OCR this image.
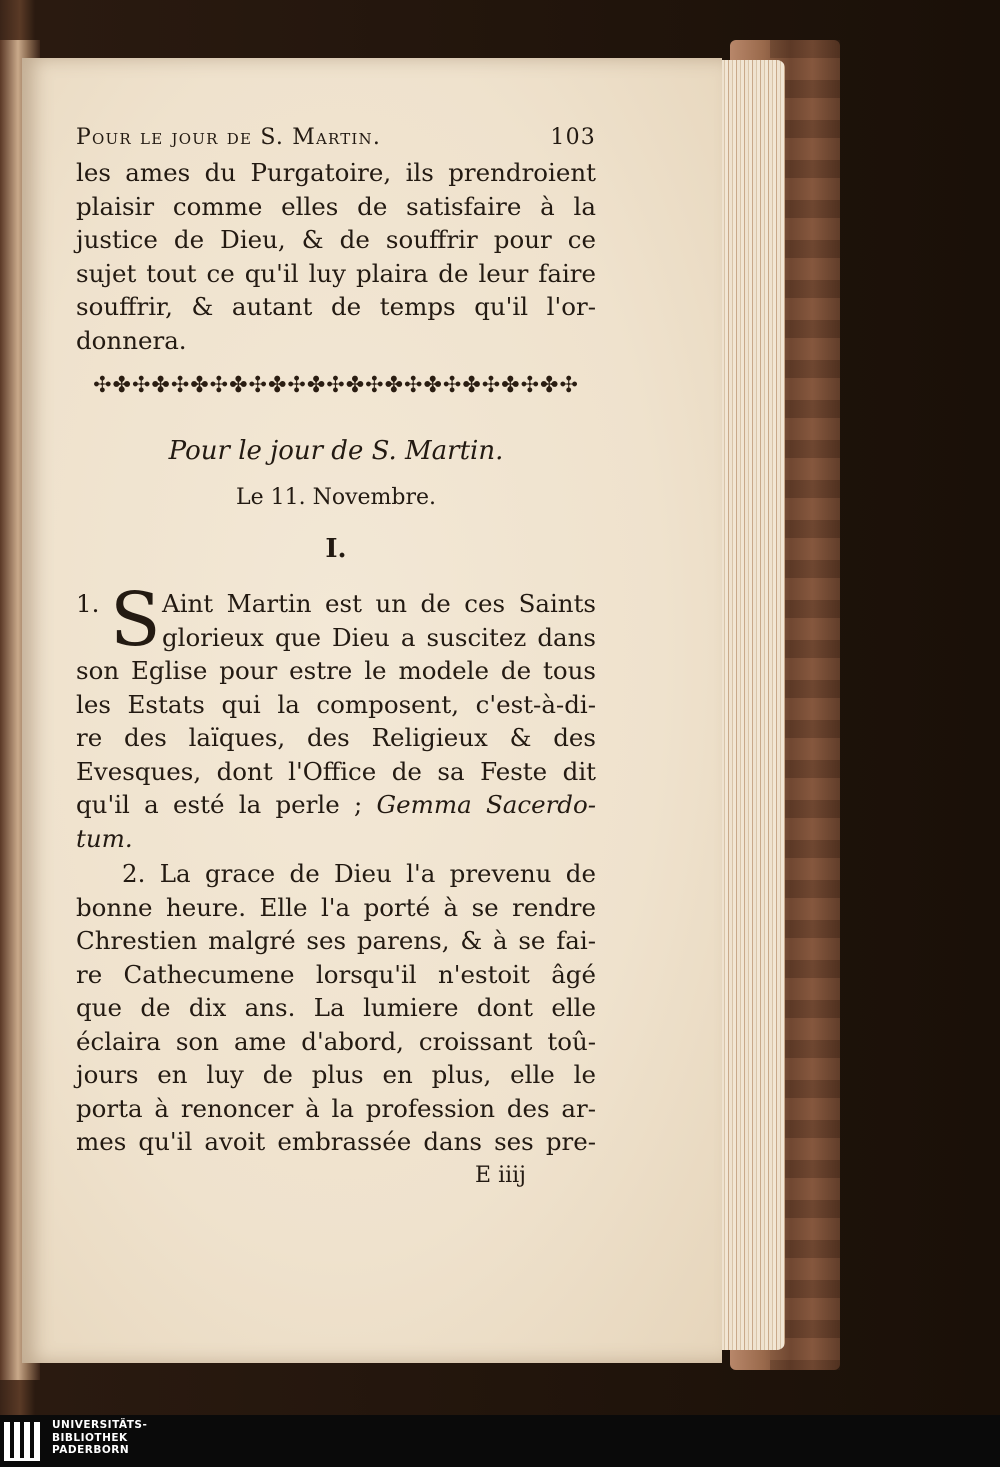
Pour le jour de S. Martin.	103
les ames du Purgatoire, ils prendroient
plaisir comme elles de satisfaire à la
justice de Dieu, & de souffrir pour ce
sujet tout ce qu'il luy plaira de leur faire
souffrir, & autant de temps qu'il l'or-
donnera.
✣✤✣✤✣✤✣✤✣✤✣✤✣✤✣✤✣✤✣✤✣✤✣✤✣
Pour le jour de S. Martin.
Le 11. Novembre.
I.
1. S Aint Martin est un de ces Saints
glorieux que Dieu a suscitez dans
son Eglise pour estre le modele de tous
les Estats qui la composent, c'est-à-di-
re des laïques, des Religieux & des
Evesques, dont l'Office de sa Feste dit
qu'il a esté la perle ; Gemma Sacerdo-
tum.
2. La grace de Dieu l'a prevenu de
bonne heure. Elle l'a porté à se rendre
Chrestien malgré ses parens, & à se fai-
re Cathecumene lorsqu'il n'estoit âgé
que de dix ans. La lumiere dont elle
éclaira son ame d'abord, croissant toû-
jours en luy de plus en plus, elle le
porta à renoncer à la profession des ar-
mes qu'il avoit embrassée dans ses pre-
E iiij
UNIVERSITÄTS-
BIBLIOTHEK
PADERBORN
